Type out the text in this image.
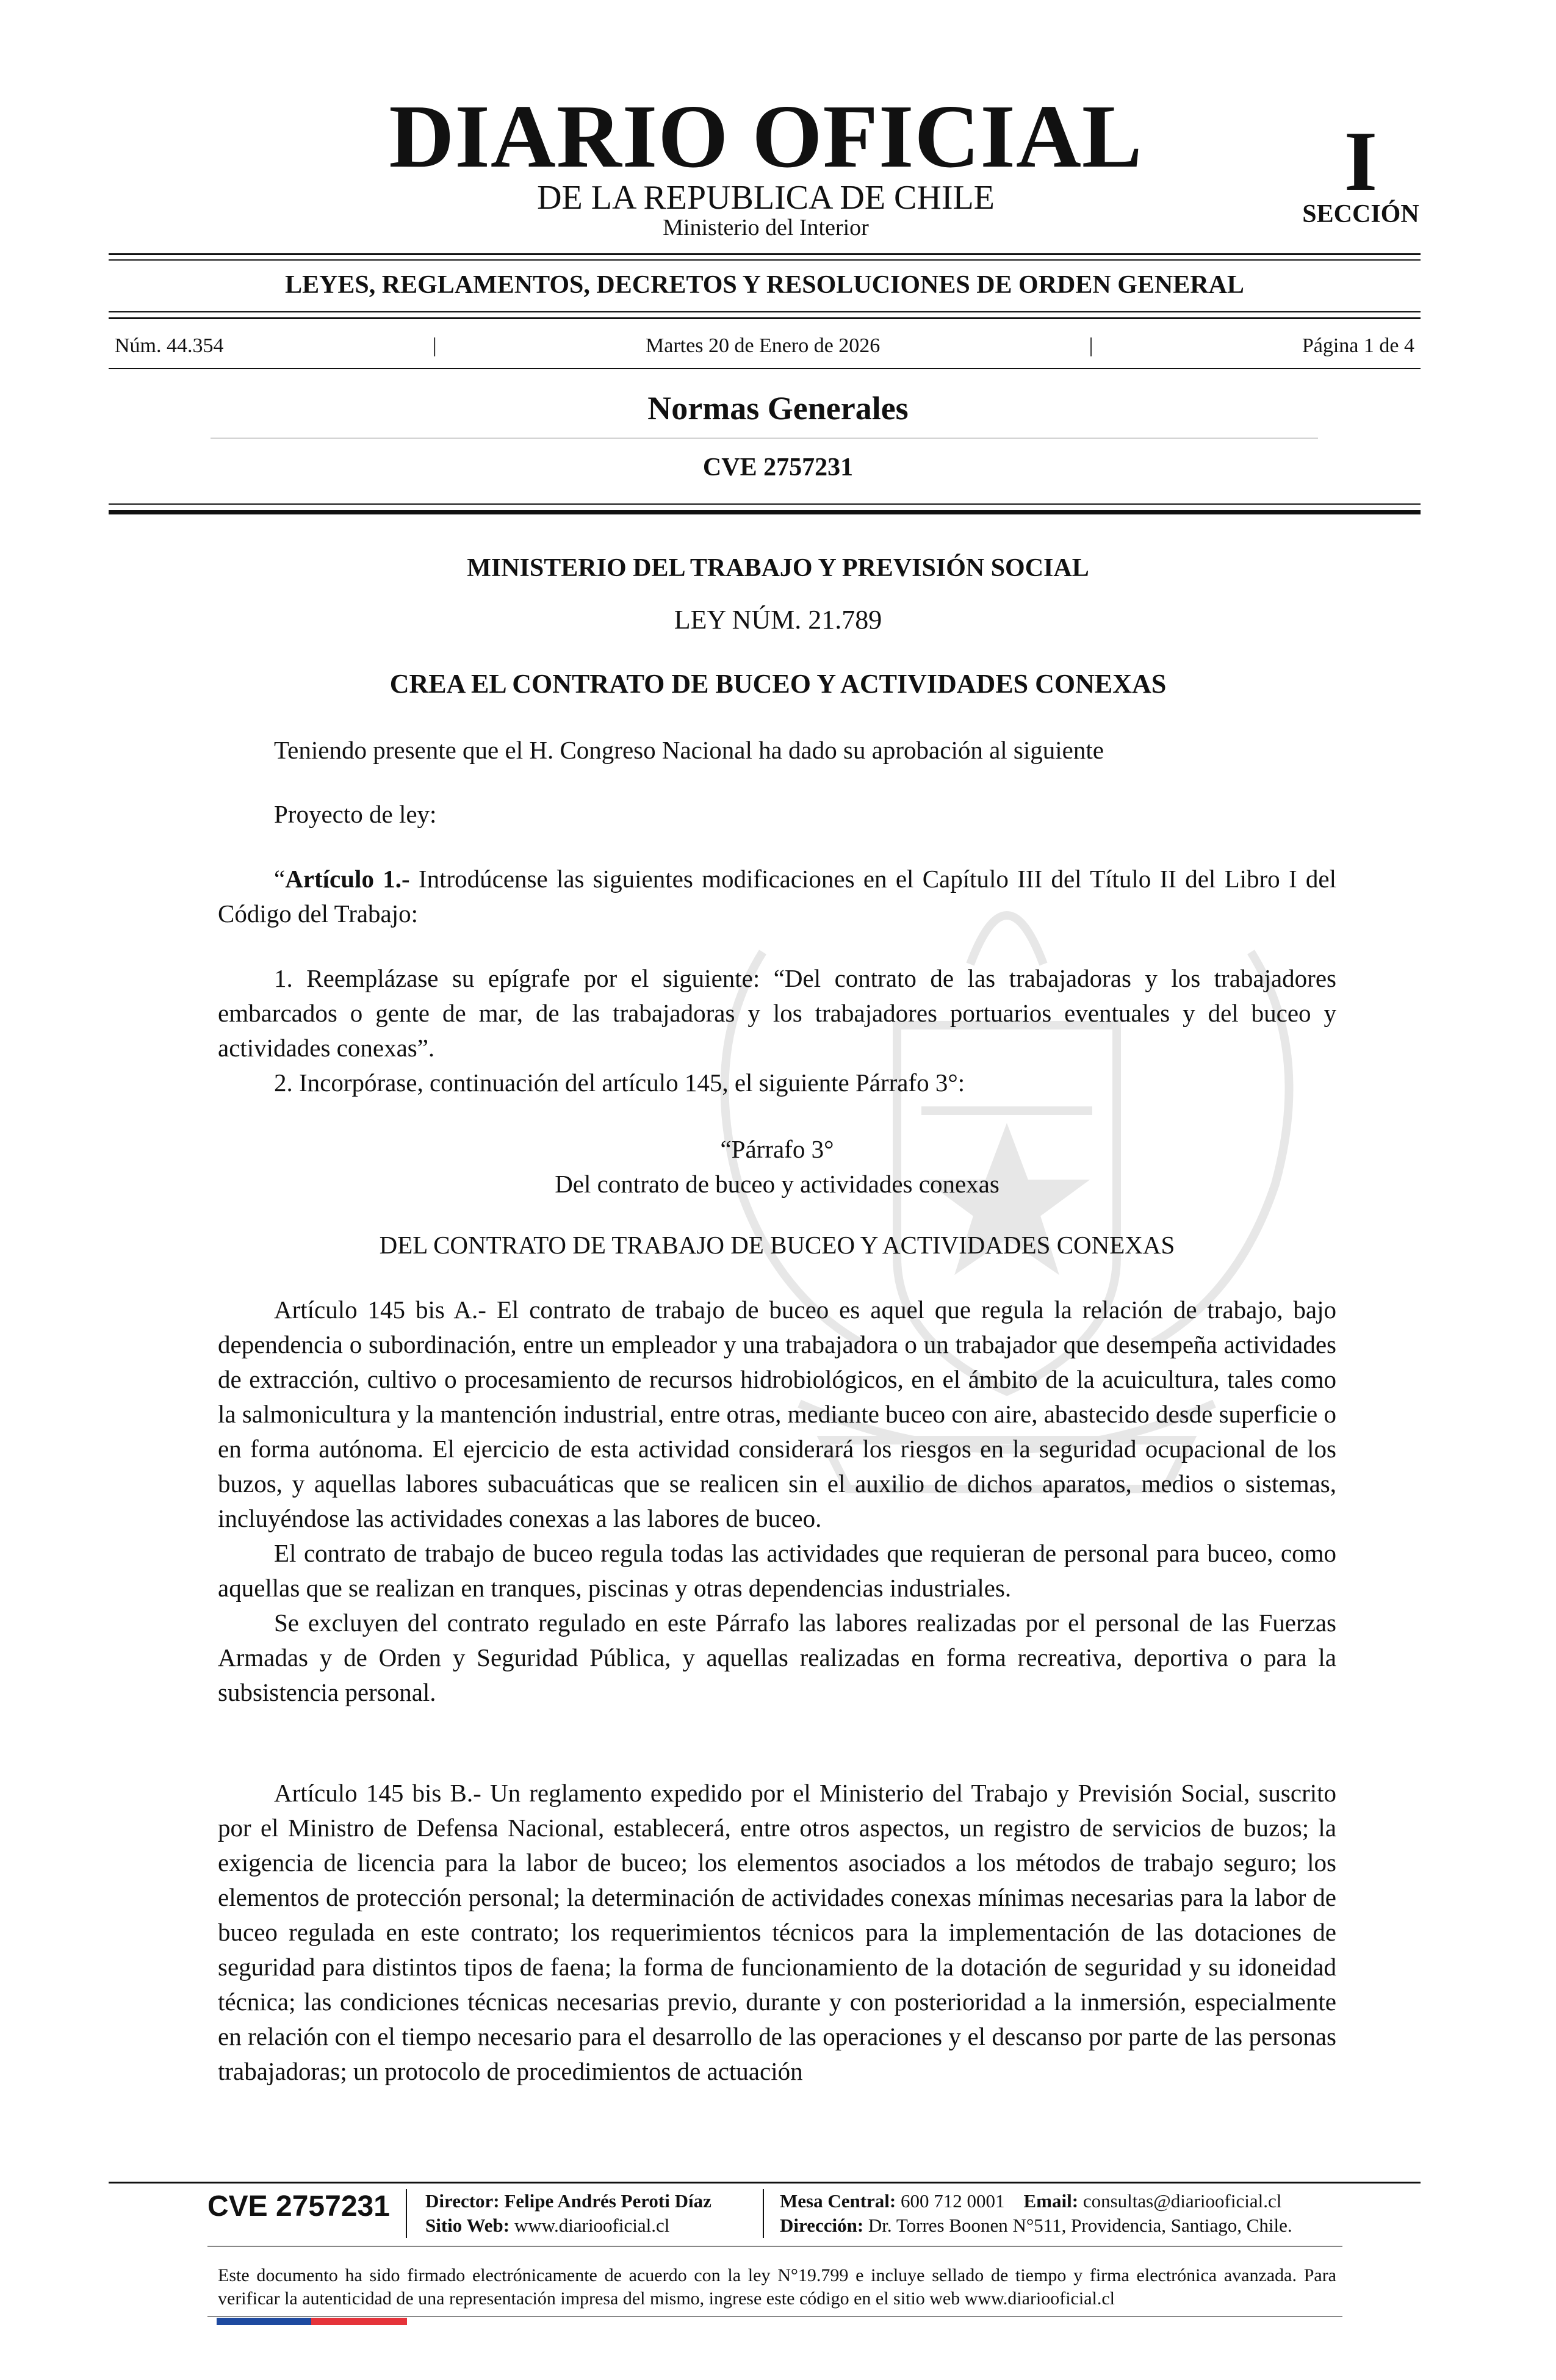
DIARIO OFICIAL
DE LA REPUBLICA DE CHILE
Ministerio del Interior
I
SECCIÓN
LEYES, REGLAMENTOS, DECRETOS Y RESOLUCIONES DE ORDEN GENERAL
Núm. 44.354	|	Martes 20 de Enero de 2026	|	Página 1 de 4
Normas Generales
CVE 2757231
MINISTERIO DEL TRABAJO Y PREVISIÓN SOCIAL
LEY NÚM. 21.789
CREA EL CONTRATO DE BUCEO Y ACTIVIDADES CONEXAS

Teniendo presente que el H. Congreso Nacional ha dado su aprobación al siguiente

Proyecto de ley:

“Artículo 1.- Introdúcense las siguientes modificaciones en el Capítulo III del Título II del Libro I del Código del Trabajo:

1. Reemplázase su epígrafe por el siguiente: “Del contrato de las trabajadoras y los trabajadores embarcados o gente de mar, de las trabajadoras y los trabajadores portuarios eventuales y del buceo y actividades conexas”.

2. Incorpórase, continuación del artículo 145, el siguiente Párrafo 3°:

“Párrafo 3°
Del contrato de buceo y actividades conexas
DEL CONTRATO DE TRABAJO DE BUCEO Y ACTIVIDADES CONEXAS

Artículo 145 bis A.- El contrato de trabajo de buceo es aquel que regula la relación de trabajo, bajo dependencia o subordinación, entre un empleador y una trabajadora o un trabajador que desempeña actividades de extracción, cultivo o procesamiento de recursos hidrobiológicos, en el ámbito de la acuicultura, tales como la salmonicultura y la mantención industrial, entre otras, mediante buceo con aire, abastecido desde superficie o en forma autónoma. El ejercicio de esta actividad considerará los riesgos en la seguridad ocupacional de los buzos, y aquellas labores subacuáticas que se realicen sin el auxilio de dichos aparatos, medios o sistemas, incluyéndose las actividades conexas a las labores de buceo.

El contrato de trabajo de buceo regula todas las actividades que requieran de personal para buceo, como aquellas que se realizan en tranques, piscinas y otras dependencias industriales.

Se excluyen del contrato regulado en este Párrafo las labores realizadas por el personal de las Fuerzas Armadas y de Orden y Seguridad Pública, y aquellas realizadas en forma recreativa, deportiva o para la subsistencia personal.

Artículo 145 bis B.- Un reglamento expedido por el Ministerio del Trabajo y Previsión Social, suscrito por el Ministro de Defensa Nacional, establecerá, entre otros aspectos, un registro de servicios de buzos; la exigencia de licencia para la labor de buceo; los elementos asociados a los métodos de trabajo seguro; los elementos de protección personal; la determinación de actividades conexas mínimas necesarias para la labor de buceo regulada en este contrato; los requerimientos técnicos para la implementación de las dotaciones de seguridad para distintos tipos de faena; la forma de funcionamiento de la dotación de seguridad y su idoneidad técnica; las condiciones técnicas necesarias previo, durante y con posterioridad a la inmersión, especialmente en relación con el tiempo necesario para el desarrollo de las operaciones y el descanso por parte de las personas trabajadoras; un protocolo de procedimientos de actuación

CVE 2757231 Director: Felipe Andrés Peroti Díaz
Sitio Web: www.diariooficial.cl
Mesa Central: 600 712 0001 Email: consultas@diariooficial.cl
Dirección: Dr. Torres Boonen N°511, Providencia, Santiago, Chile.
Este documento ha sido firmado electrónicamente de acuerdo con la ley N°19.799 e incluye sellado de tiempo y firma electrónica avanzada. Para verificar la autenticidad de una representación impresa del mismo, ingrese este código en el sitio web www.diariooficial.cl
